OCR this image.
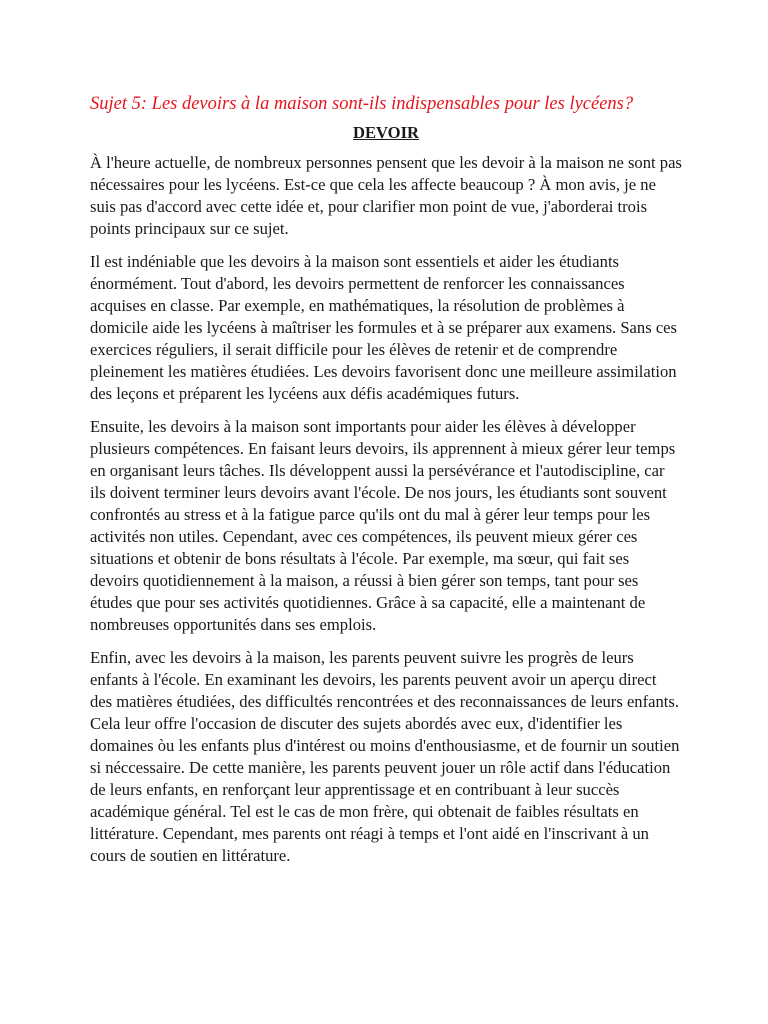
Sujet 5: Les devoirs à la maison sont-ils indispensables pour les lycéens?

DEVOIR

À l'heure actuelle, de nombreux personnes pensent que les devoir à la maison ne sont pas nécessaires pour les lycéens. Est-ce que cela les affecte beaucoup ? À mon avis, je ne suis pas d'accord avec cette idée et, pour clarifier mon point de vue, j'aborderai trois points principaux sur ce sujet.

Il est indéniable que les devoirs à la maison sont essentiels et aider les étudiants énormément. Tout d'abord, les devoirs permettent de renforcer les connaissances acquises en classe. Par exemple, en mathématiques, la résolution de problèmes à domicile aide les lycéens à maîtriser les formules et à se préparer aux examens. Sans ces exercices réguliers, il serait difficile pour les élèves de retenir et de comprendre pleinement les matières étudiées. Les devoirs favorisent donc une meilleure assimilation des leçons et préparent les lycéens aux défis académiques futurs.

Ensuite, les devoirs à la maison sont importants pour aider les élèves à développer plusieurs compétences. En faisant leurs devoirs, ils apprennent à mieux gérer leur temps en organisant leurs tâches. Ils développent aussi la persévérance et l'autodiscipline, car ils doivent terminer leurs devoirs avant l'école. De nos jours, les étudiants sont souvent confrontés au stress et à la fatigue parce qu'ils ont du mal à gérer leur temps pour les activités non utiles. Cependant, avec ces compétences, ils peuvent mieux gérer ces situations et obtenir de bons résultats à l'école. Par exemple, ma sœur, qui fait ses devoirs quotidiennement à la maison, a réussi à bien gérer son temps, tant pour ses études que pour ses activités quotidiennes. Grâce à sa capacité, elle a maintenant de nombreuses opportunités dans ses emplois.

Enfin, avec les devoirs à la maison, les parents peuvent suivre les progrès de leurs enfants à l'école. En examinant les devoirs, les parents peuvent avoir un aperçu direct des matières étudiées, des difficultés rencontrées et des reconnaissances de leurs enfants. Cela leur offre l'occasion de discuter des sujets abordés avec eux, d'identifier les domaines òu les enfants plus d'intérest ou moins d'enthousiasme, et de fournir un soutien si néccessaire. De cette manière, les parents peuvent jouer un rôle actif dans l'éducation de leurs enfants, en renforçant leur apprentissage et en contribuant à leur succès académique général. Tel est le cas de mon frère, qui obtenait de faibles résultats en littérature. Cependant, mes parents ont réagi à temps et l'ont aidé en l'inscrivant à un cours de soutien en littérature.
